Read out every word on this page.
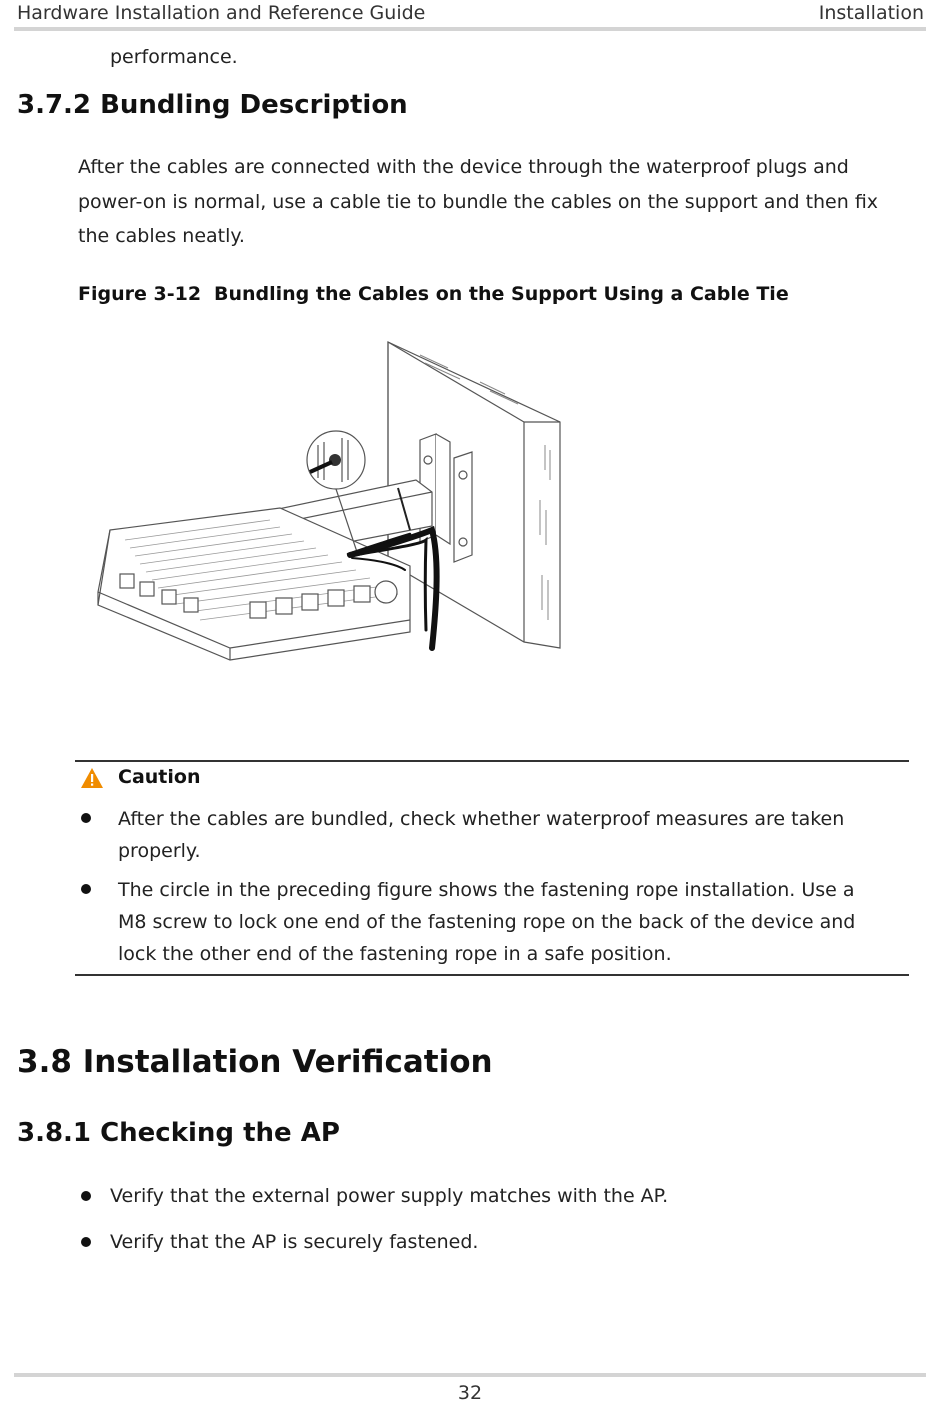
Hardware Installation and Reference Guide	Installation
performance.
3.7.2 Bundling Description
After the cables are connected with the device through the waterproof plugs and power-on is normal, use a cable tie to bundle the cables on the support and then fix the cables neatly.
Figure 3-12 Bundling the Cables on the Support Using a Cable Tie
Caution
After the cables are bundled, check whether waterproof measures are taken properly.
The circle in the preceding figure shows the fastening rope installation. Use a M8 screw to lock one end of the fastening rope on the back of the device and lock the other end of the fastening rope in a safe position.
3.8 Installation Verification
3.8.1 Checking the AP
Verify that the external power supply matches with the AP.
Verify that the AP is securely fastened.
32
